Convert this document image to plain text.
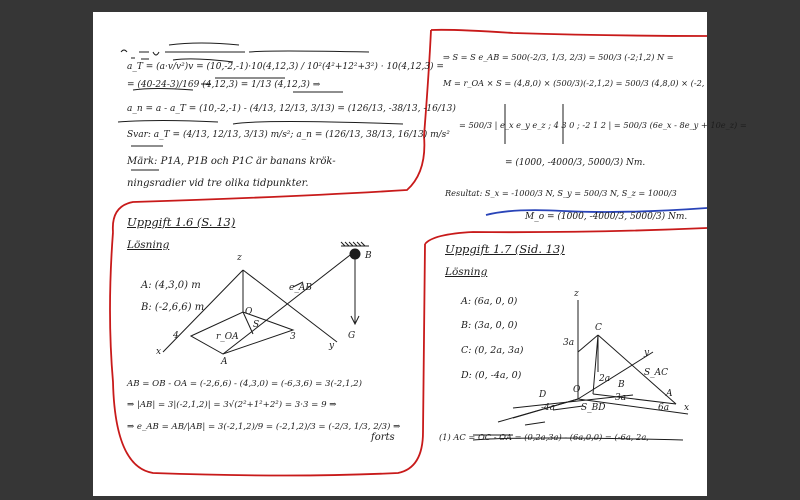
z	B
e_AB
O
S
G
r_OA	3
4
x
y
A
z
C
3a
y
2a
S_AC
D	O	B
A
-4a	S_BD
3a
6a x
a_T = (a·v/v²)v = (10,-2,-1)·10(4,12,3) / 10²(4²+12²+3²) · 10(4,12,3) =
= (40-24-3)/169 (4,12,3) = 1/13 (4,12,3) ⇒
a_n = a - a_T = (10,-2,-1) - (4/13, 12/13, 3/13) = (126/13, -38/13, -16/13)
Svar: a_T = (4/13, 12/13, 3/13) m/s²; a_n = (126/13, 38/13, 16/13) m/s²
Märk: P1A, P1B och P1C är banans krök-
ningsradier vid tre olika tidpunkter.
Uppgift 1.6 (S. 13)
Lösning
A: (4,3,0) m
B: (-2,6,6) m
AB = OB - OA = (-2,6,6) - (4,3,0) = (-6,3,6) = 3(-2,1,2)
⇒ |AB| = 3|(-2,1,2)| = 3√(2²+1²+2²) = 3·3 = 9 ⇒
⇒ e_AB = AB/|AB| = 3(-2,1,2)/9 = (-2,1,2)/3 = (-2/3, 1/3, 2/3) ⇒
forts
⇒ S = S e_AB = 500(-2/3, 1/3, 2/3) = 500/3 (-2;1,2) N =
M = r_OA × S = (4,8,0) × (500/3)(-2,1,2) = 500/3 (4,8,0) × (-2,
= 500/3 | e_x e_y e_z ; 4 3 0 ; -2 1 2 | = 500/3 (6e_x - 8e_y + 10e_z) =
= (1000, -4000/3, 5000/3) Nm.
Resultat: S_x = -1000/3 N, S_y = 500/3 N, S_z = 1000/3
M_o = (1000, -4000/3, 5000/3) Nm.
Uppgift 1.7 (Sid. 13)
Lösning
A: (6a, 0, 0)
B: (3a, 0, 0)
C: (0, 2a, 3a)
D: (0, -4a, 0)
(1) AC = OC - OA = (0,2a,3a) - (6a,0,0) = (-6a, 2a,
